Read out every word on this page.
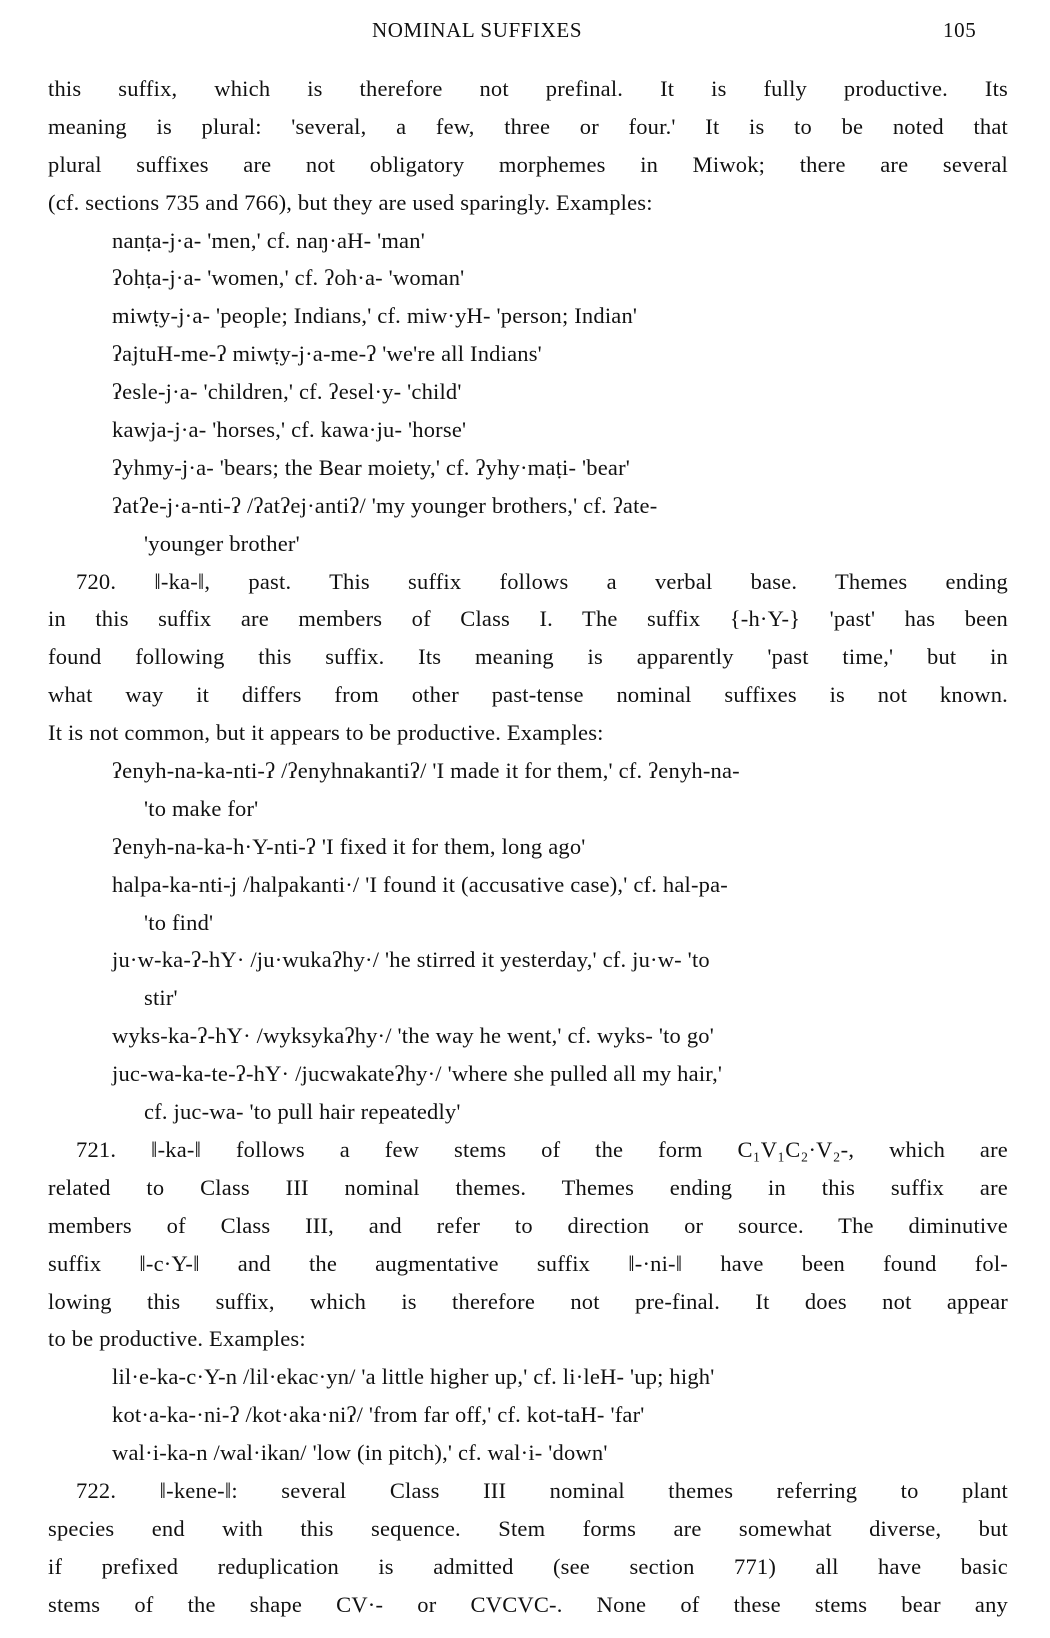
NOMINAL SUFFIXES	105
this suffix, which is therefore not prefinal. It is fully productive. Its
meaning is plural: 'several, a few, three or four.' It is to be noted that
plural suffixes are not obligatory morphemes in Miwok; there are several
(cf. sections 735 and 766), but they are used sparingly. Examples:
nanṭa-j·a- 'men,' cf. naŋ·aH- 'man'
ʔohṭa-j·a- 'women,' cf. ʔoh·a- 'woman'
miwṭy-j·a- 'people; Indians,' cf. miw·yH- 'person; Indian'
ʔajtuH-me-ʔ miwṭy-j·a-me-ʔ 'we're all Indians'
ʔesle-j·a- 'children,' cf. ʔesel·y- 'child'
kawja-j·a- 'horses,' cf. kawa·ju- 'horse'
ʔyhmy-j·a- 'bears; the Bear moiety,' cf. ʔyhy·maṭi- 'bear'
ʔatʔe-j·a-nti-ʔ /ʔatʔej·antiʔ/ 'my younger brothers,' cf. ʔate-
'younger brother'
720. ‖-ka-‖, past. This suffix follows a verbal base. Themes ending
in this suffix are members of Class I. The suffix {-h·Y-} 'past' has been
found following this suffix. Its meaning is apparently 'past time,' but in
what way it differs from other past-tense nominal suffixes is not known.
It is not common, but it appears to be productive. Examples:
ʔenyh-na-ka-nti-ʔ /ʔenyhnakantiʔ/ 'I made it for them,' cf. ʔenyh-na-
'to make for'
ʔenyh-na-ka-h·Y-nti-ʔ 'I fixed it for them, long ago'
halpa-ka-nti-j /halpakanti·/ 'I found it (accusative case),' cf. hal-pa-
'to find'
ju·w-ka-ʔ-hY· /ju·wukaʔhy·/ 'he stirred it yesterday,' cf. ju·w- 'to
stir'
wyks-ka-ʔ-hY· /wyksykaʔhy·/ 'the way he went,' cf. wyks- 'to go'
juc-wa-ka-te-ʔ-hY· /jucwakateʔhy·/ 'where she pulled all my hair,'
cf. juc-wa- 'to pull hair repeatedly'
721. ‖-ka-‖ follows a few stems of the form C₁V₁C₂·V₂-, which are
related to Class III nominal themes. Themes ending in this suffix are
members of Class III, and refer to direction or source. The diminutive
suffix ‖-c·Y-‖ and the augmentative suffix ‖-·ni-‖ have been found fol-
lowing this suffix, which is therefore not pre-final. It does not appear
to be productive. Examples:
lil·e-ka-c·Y-n /lil·ekac·yn/ 'a little higher up,' cf. li·leH- 'up; high'
kot·a-ka-·ni-ʔ /kot·aka·niʔ/ 'from far off,' cf. kot-taH- 'far'
wal·i-ka-n /wal·ikan/ 'low (in pitch),' cf. wal·i- 'down'
722. ‖-kene-‖: several Class III nominal themes referring to plant
species end with this sequence. Stem forms are somewhat diverse, but
if prefixed reduplication is admitted (see section 771) all have basic
stems of the shape CV·- or CVCVC-. None of these stems bear any
